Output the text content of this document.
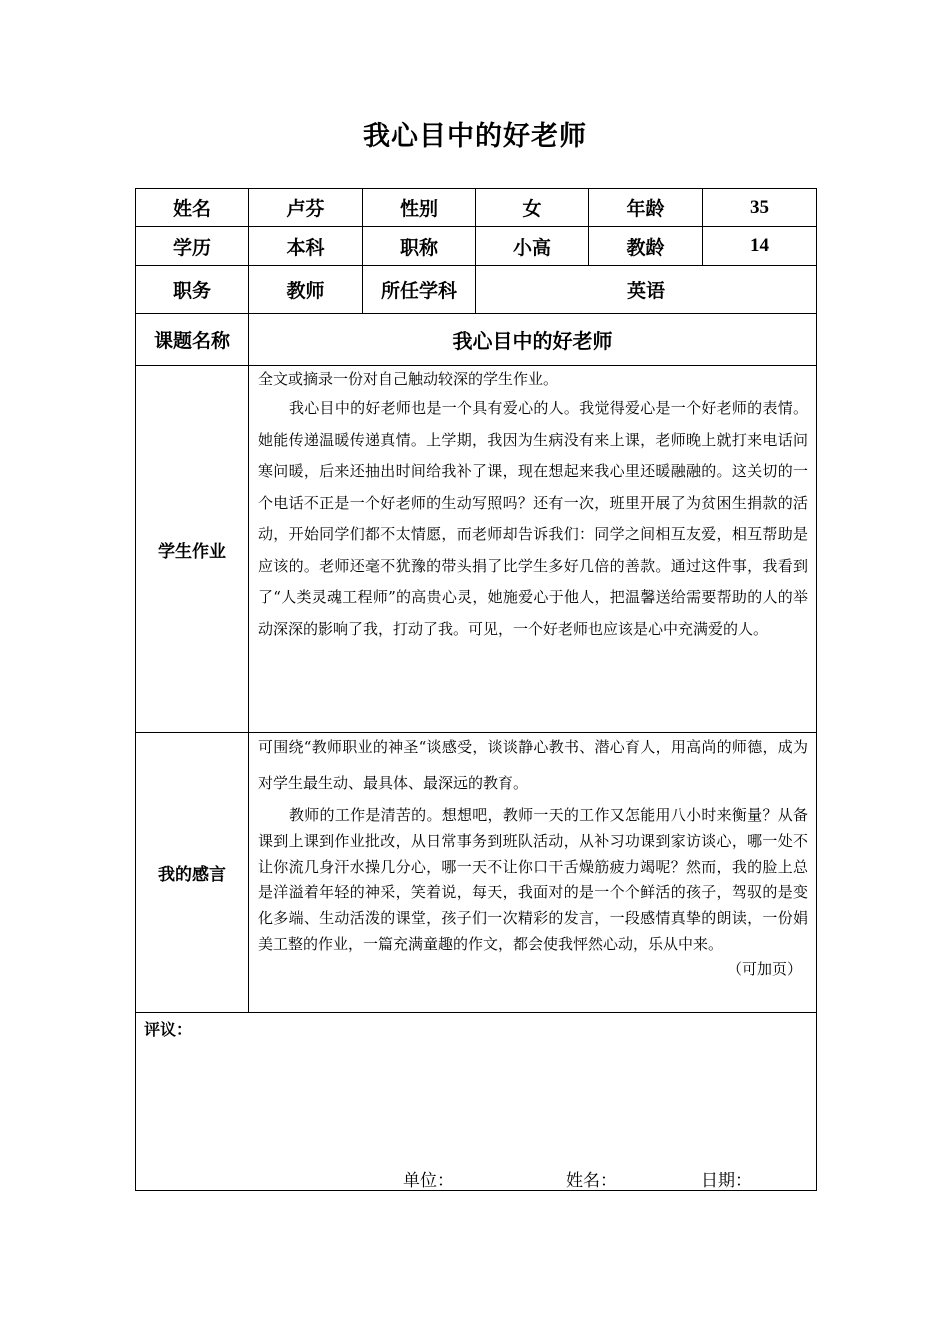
我心目中的好老师
姓名	卢芬	性别	女	年龄	35
学历	本科	职称	小高	教龄	14
职务	教师	所任学科	英语		
课题名称	我心目中的好老师				
学生作业	全文或摘录一份对自己触动较深的学生作业。

我心目中的好老师也是一个具有爱心的人。我觉得爱心是一个好老师的表情。她能传递温暖传递真情。上学期，我因为生病没有来上课，老师晚上就打来电话问寒问暖，后来还抽出时间给我补了课，现在想起来我心里还暖融融的。这关切的一个电话不正是一个好老师的生动写照吗？还有一次，班里开展了为贫困生捐款的活动，开始同学们都不太情愿，而老师却告诉我们：同学之间相互友爱，相互帮助是应该的。老师还毫不犹豫的带头捐了比学生多好几倍的善款。通过这件事，我看到了“人类灵魂工程师”的高贵心灵，她施爱心于他人，把温馨送给需要帮助的人的举动深深的影响了我，打动了我。可见，一个好老师也应该是心中充满爱的人。				

我的感言	可围绕“教师职业的神圣“谈感受，谈谈静心教书、潜心育人，用高尚的师德，成为对学生最生动、最具体、最深远的教育。

教师的工作是清苦的。想想吧，教师一天的工作又怎能用八小时来衡量？从备课到上课到作业批改，从日常事务到班队活动，从补习功课到家访谈心，哪一处不让你流几身汗水操几分心，哪一天不让你口干舌燥筋疲力竭呢？然而，我的脸上总是洋溢着年轻的神采，笑着说，每天，我面对的是一个个鲜活的孩子，驾驭的是变化多端、生动活泼的课堂，孩子们一次精彩的发言，一段感情真挚的朗读，一份娟美工整的作业，一篇充满童趣的作文，都会使我怦然心动，乐从中来。

（可加页）				

评议：
单位： 姓名： 日期：					
